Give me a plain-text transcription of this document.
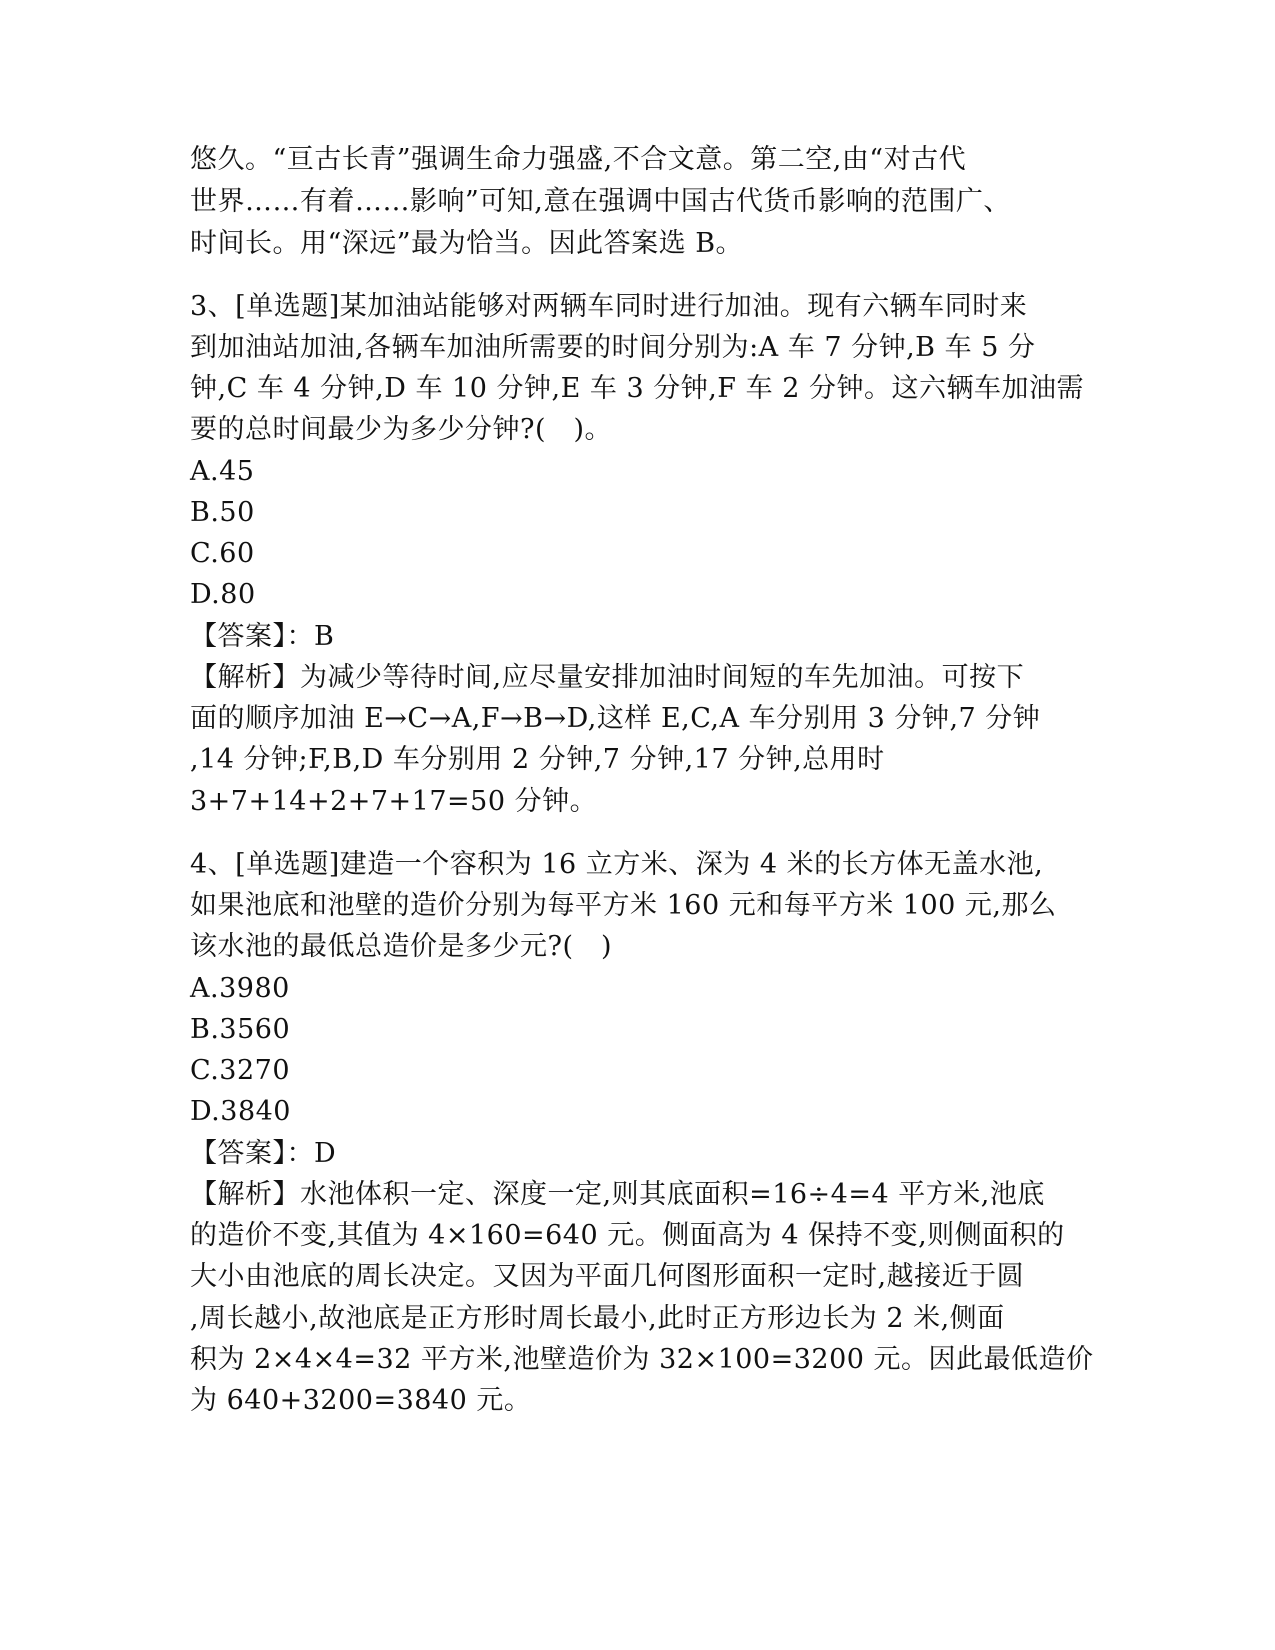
悠久。“亘古长青”强调生命力强盛,不合文意。第二空,由“对古代
世界……有着……影响”可知,意在强调中国古代货币影响的范围广、
时间长。用“深远”最为恰当。因此答案选 B。
3、[单选题]某加油站能够对两辆车同时进行加油。现有六辆车同时来
到加油站加油,各辆车加油所需要的时间分别为:A 车 7 分钟,B 车 5 分
钟,C 车 4 分钟,D 车 10 分钟,E 车 3 分钟,F 车 2 分钟。这六辆车加油需
要的总时间最少为多少分钟?(　)。
A.45
B.50
C.60
D.80
【答案】：B
【解析】为减少等待时间,应尽量安排加油时间短的车先加油。可按下
面的顺序加油 E→C→A,F→B→D,这样 E,C,A 车分别用 3 分钟,7 分钟
,14 分钟;F,B,D 车分别用 2 分钟,7 分钟,17 分钟,总用时
3+7+14+2+7+17=50 分钟。
4、[单选题]建造一个容积为 16 立方米、深为 4 米的长方体无盖水池,
如果池底和池壁的造价分别为每平方米 160 元和每平方米 100 元,那么
该水池的最低总造价是多少元?(　)
A.3980
B.3560
C.3270
D.3840
【答案】：D
【解析】水池体积一定、深度一定,则其底面积=16÷4=4 平方米,池底
的造价不变,其值为 4×160=640 元。侧面高为 4 保持不变,则侧面积的
大小由池底的周长决定。又因为平面几何图形面积一定时,越接近于圆
,周长越小,故池底是正方形时周长最小,此时正方形边长为 2 米,侧面
积为 2×4×4=32 平方米,池壁造价为 32×100=3200 元。因此最低造价
为 640+3200=3840 元。
